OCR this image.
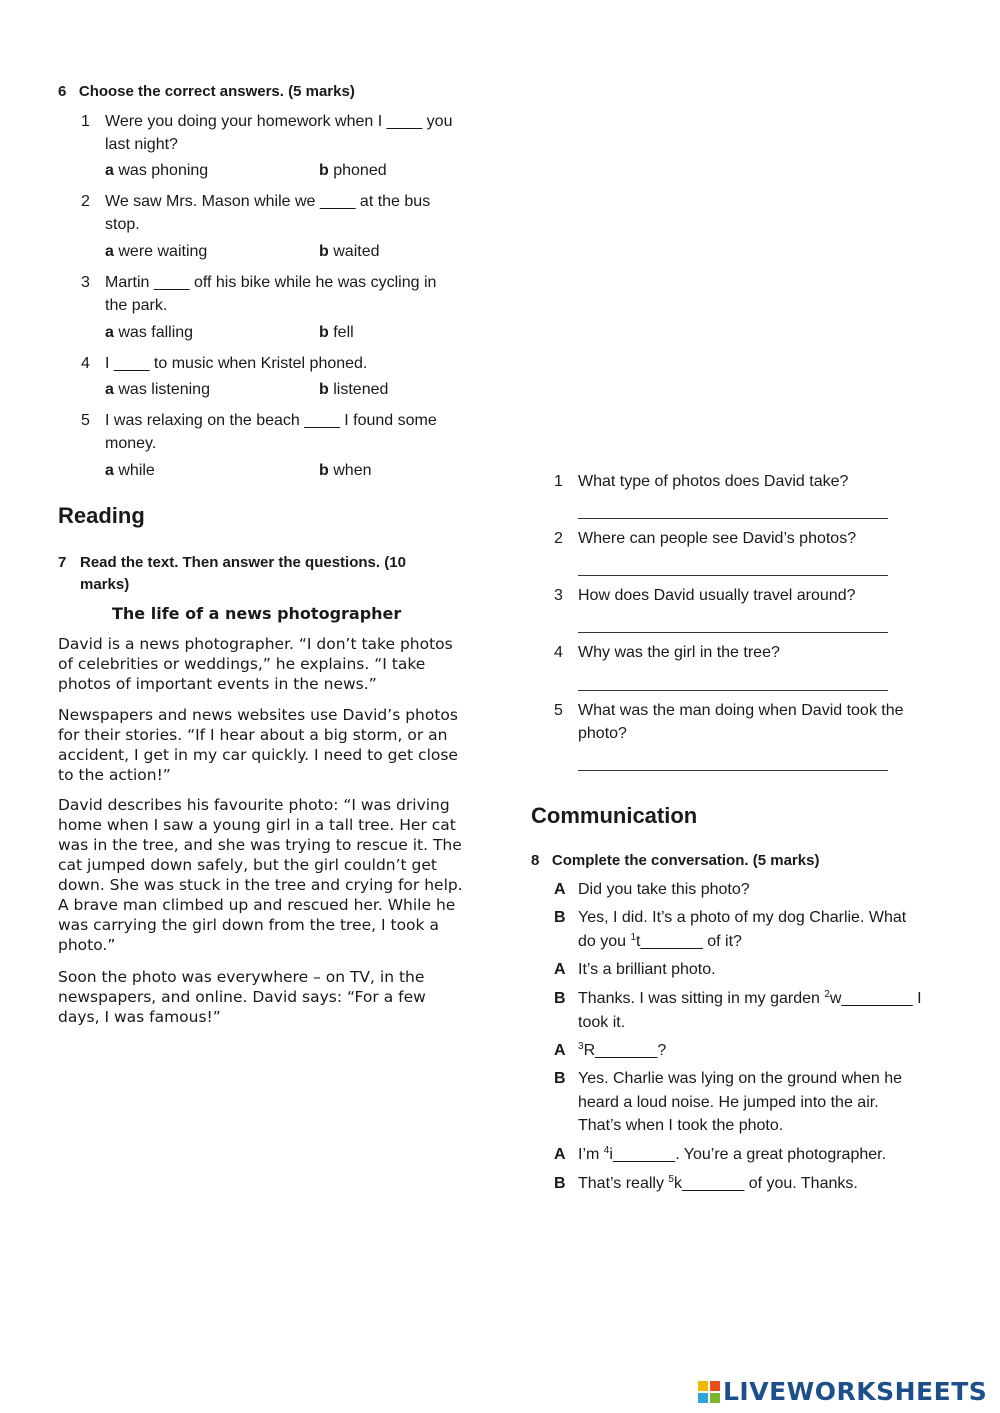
6 Choose the correct answers. (5 marks)
1 Were you doing your homework when I ____ you
last night?
a was phoning	b phoned
2 We saw Mrs. Mason while we ____ at the bus
stop.
a were waiting	b waited
3 Martin ____ off his bike while he was cycling in
the park.
a was falling	b fell
4 I ____ to music when Kristel phoned.
a was listening	b listened
5 I was relaxing on the beach ____ I found some
money.
a while	b when
Reading
7 Read the text. Then answer the questions. (10
marks)
The life of a news photographer

David is a news photographer. “I don’t take photos of celebrities or weddings,” he explains. “I take photos of important events in the news.”

Newspapers and news websites use David’s photos for their stories. “If I hear about a big storm, or an accident, I get in my car quickly. I need to get close to the action!”

David describes his favourite photo: “I was driving home when I saw a young girl in a tall tree. Her cat was in the tree, and she was trying to rescue it. The cat jumped down safely, but the girl couldn’t get down. She was stuck in the tree and crying for help. A brave man climbed up and rescued her. While he was carrying the girl down from the tree, I took a photo.”

Soon the photo was everywhere – on TV, in the newspapers, and online. David says: “For a few days, I was famous!”

1 What type of photos does David take?
2 Where can people see David’s photos?
3 How does David usually travel around?
4 Why was the girl in the tree?
5 What was the man doing when David took the
photo?
Communication
8 Complete the conversation. (5 marks)
A Did you take this photo?
B Yes, I did. It’s a photo of my dog Charlie. What
do you $^1$t_______ of it?
A It’s a brilliant photo.
B Thanks. I was sitting in my garden $^2$w________ I
took it.
A $^3$R_______?
B Yes. Charlie was lying on the ground when he
heard a loud noise. He jumped into the air.
That’s when I took the photo.
A I’m $^4$i_______. You’re a great photographer.
B That’s really $^5$k_______ of you. Thanks.
LIVEWORKSHEETS
